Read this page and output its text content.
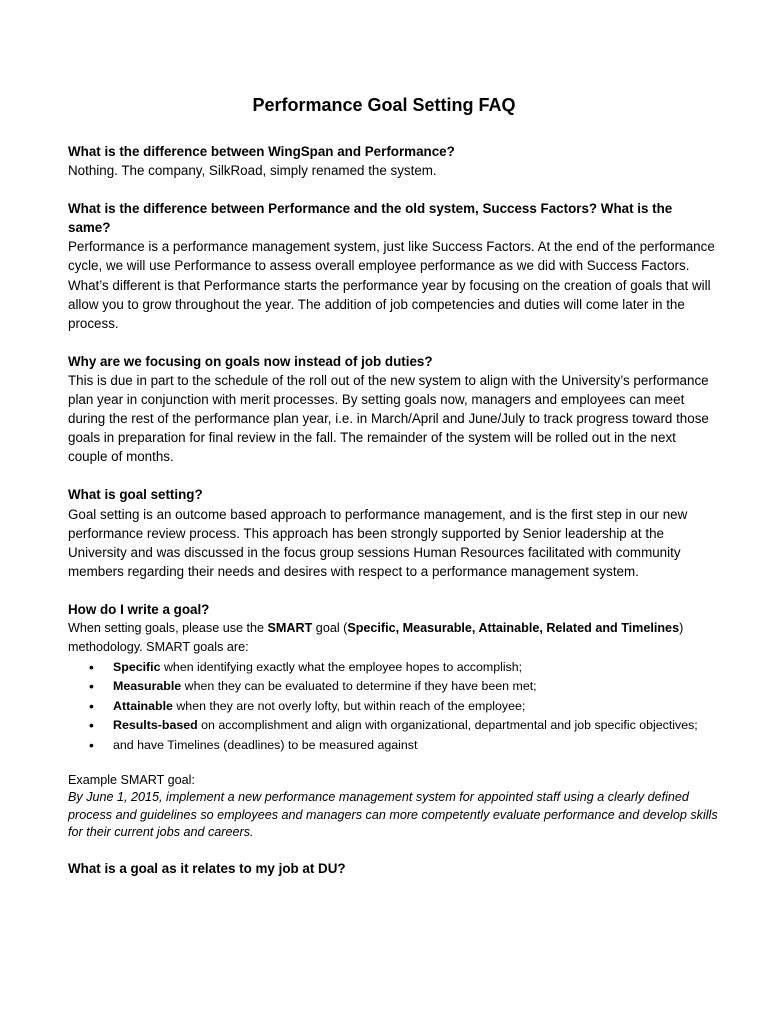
Performance Goal Setting FAQ

What is the difference between WingSpan and Performance?

Nothing. The company, SilkRoad, simply renamed the system.

What is the difference between Performance and the old system, Success Factors? What is the same?

Performance is a performance management system, just like Success Factors. At the end of the performance cycle, we will use Performance to assess overall employee performance as we did with Success Factors. What’s different is that Performance starts the performance year by focusing on the creation of goals that will allow you to grow throughout the year. The addition of job competencies and duties will come later in the process.

Why are we focusing on goals now instead of job duties?

This is due in part to the schedule of the roll out of the new system to align with the University’s performance plan year in conjunction with merit processes. By setting goals now, managers and employees can meet during the rest of the performance plan year, i.e. in March/April and June/July to track progress toward those goals in preparation for final review in the fall. The remainder of the system will be rolled out in the next couple of months.

What is goal setting?

Goal setting is an outcome based approach to performance management, and is the first step in our new performance review process. This approach has been strongly supported by Senior leadership at the University and was discussed in the focus group sessions Human Resources facilitated with community members regarding their needs and desires with respect to a performance management system.

How do I write a goal?

When setting goals, please use the SMART goal (Specific, Measurable, Attainable, Related and Timelines) methodology. SMART goals are:

• Specific when identifying exactly what the employee hopes to accomplish;
• Measurable when they can be evaluated to determine if they have been met;
• Attainable when they are not overly lofty, but within reach of the employee;
• Results-based on accomplishment and align with organizational, departmental and job specific objectives;
• and have Timelines (deadlines) to be measured against

Example SMART goal:

By June 1, 2015, implement a new performance management system for appointed staff using a clearly defined process and guidelines so employees and managers can more competently evaluate performance and develop skills for their current jobs and careers.

What is a goal as it relates to my job at DU?
